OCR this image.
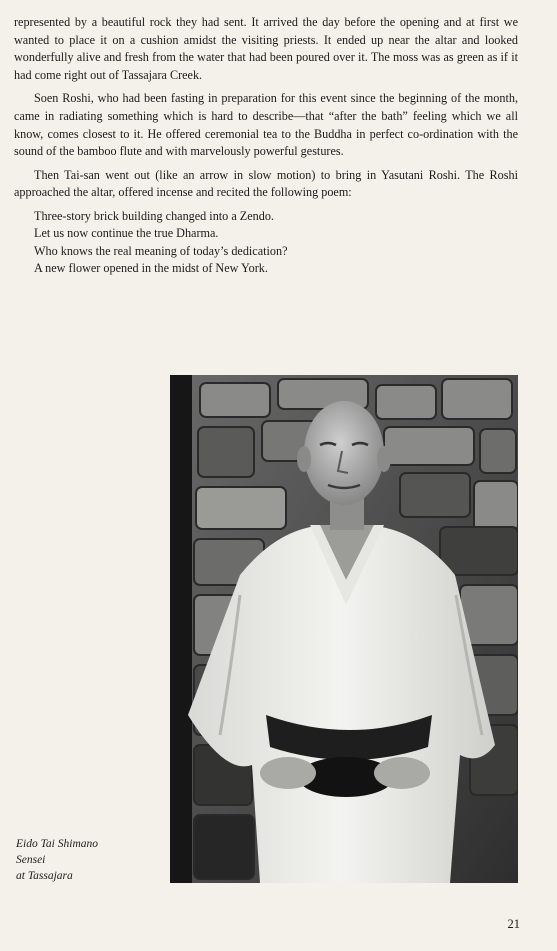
represented by a beautiful rock they had sent. It arrived the day before the opening and at first we wanted to place it on a cushion amidst the visiting priests. It ended up near the altar and looked wonderfully alive and fresh from the water that had been poured over it. The moss was as green as if it had come right out of Tassajara Creek.

Soen Roshi, who had been fasting in preparation for this event since the beginning of the month, came in radiating something which is hard to describe—that “after the bath” feeling which we all know, comes closest to it. He offered ceremonial tea to the Buddha in perfect co-ordination with the sound of the bamboo flute and with marvelously powerful gestures.

Then Tai-san went out (like an arrow in slow motion) to bring in Yasutani Roshi. The Roshi approached the altar, offered incense and recited the following poem:

Three-story brick building changed into a Zendo.
Let us now continue the true Dharma.
Who knows the real meaning of today’s dedication?
A new flower opened in the midst of New York.
Eido Tai Shimano
Sensei
at Tassajara
21
